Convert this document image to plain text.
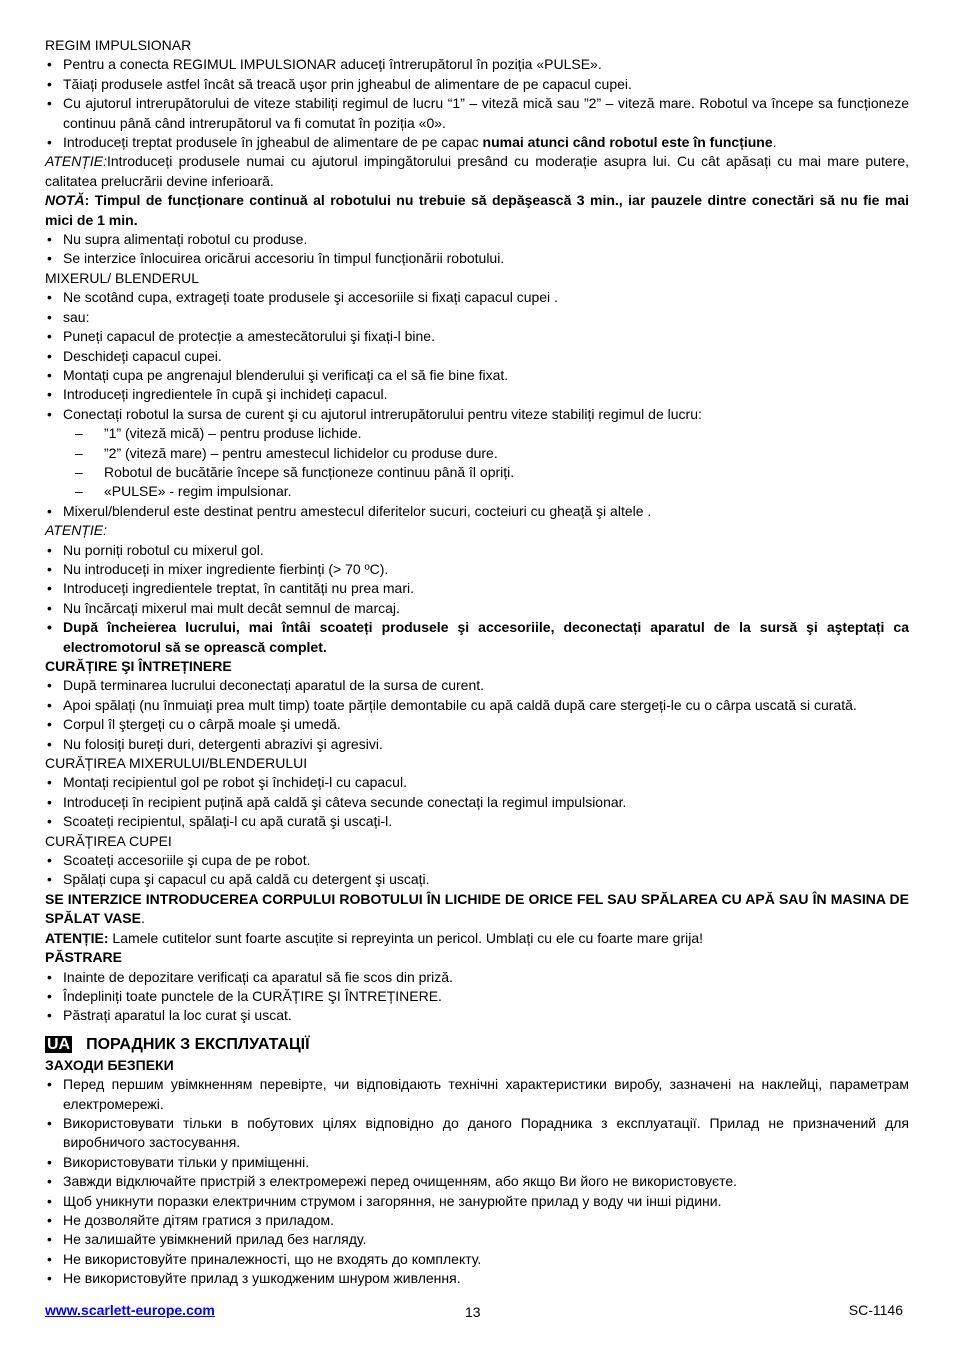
REGIM IMPULSIONAR
• Pentru a conecta REGIMUL IMPULSIONAR aduceți întrerupătorul în poziția «PULSE».
• Tăiați produsele astfel încât să treacă uşor prin jgheabul de alimentare de pe capacul cupei.
• Cu ajutorul intrerupătorului de viteze stabiliți regimul de lucru “1” – viteză mică sau ”2” – viteză mare. Robotul va începe sa funcționeze continuu până când intrerupătorul va fi comutat în poziția «0».
• Introduceți treptat produsele în jgheabul de alimentare de pe capac numai atunci când robotul este în funcțiune.
ATENȚIE:Introduceți produsele numai cu ajutorul impingătorului presând cu moderație asupra lui. Cu cât apăsați cu mai mare putere, calitatea prelucrării devine inferioară.
NOTĂ: Timpul de funcționare continuă al robotului nu trebuie să depăşească 3 min., iar pauzele dintre conectări să nu fie mai mici de 1 min.
• Nu supra alimentați robotul cu produse.
• Se interzice înlocuirea oricărui accesoriu în timpul funcționării robotului.
MIXERUL/ BLENDERUL
• Ne scotând cupa, extrageți toate produsele şi accesoriile si fixați capacul cupei .
• sau:
• Puneți capacul de protecție a amestecătorului şi fixați-l bine.
• Deschideți capacul cupei.
• Montați cupa pe angrenajul blenderului şi verificați ca el să fie bine fixat.
• Introduceți ingredientele în cupă şi inchideți capacul.
• Conectați robotul la sursa de curent şi cu ajutorul intrerupătorului pentru viteze stabiliți regimul de lucru:
– ”1” (viteză mică) – pentru produse lichide.
– ”2” (viteză mare) – pentru amestecul lichidelor cu produse dure.
– Robotul de bucătărie începe să funcționeze continuu până îl opriți.
– «PULSE» - regim impulsionar.
• Mixerul/blenderul este destinat pentru amestecul diferitelor sucuri, cocteiuri cu gheață şi altele .
ATENȚIE:
• Nu porniți robotul cu mixerul gol.
• Nu introduceți in mixer ingrediente fierbinți (> 70 ºC).
• Introduceți ingredientele treptat, în cantități nu prea mari.
• Nu încărcați mixerul mai mult decât semnul de marcaj.
• După încheierea lucrului, mai întâi scoateți produsele şi accesoriile, deconectați aparatul de la sursă şi aşteptați ca electromotorul să se oprească complet.
CURĂȚIRE ŞI ÎNTREȚINERE
• După terminarea lucrului deconectați aparatul de la sursa de curent.
• Apoi spălați (nu înmuiați prea mult timp) toate părțile demontabile cu apă caldă după care stergeți-le cu o cârpa uscată si curată.
• Corpul îl ştergeți cu o cârpă moale şi umedă.
• Nu folosiți bureți duri, detergenti abrazivi şi agresivi.
CURĂȚIREA MIXERULUI/BLENDERULUI
• Montați recipientul gol pe robot şi închideți-l cu capacul.
• Introduceți în recipient puțină apă caldă şi câteva secunde conectați la regimul impulsionar.
• Scoateți recipientul, spălați-l cu apă curată şi uscați-l.
CURĂȚIREA CUPEI
• Scoateți accesoriile şi cupa de pe robot.
• Spălați cupa şi capacul cu apă caldă cu detergent şi uscați.
SE INTERZICE INTRODUCEREA CORPULUI ROBOTULUI ÎN LICHIDE DE ORICE FEL SAU SPĂLAREA CU APĂ SAU ÎN MASINA DE SPĂLAT VASE.
ATENȚIE: Lamele cutitelor sunt foarte ascuțite si repreyinta un pericol. Umblați cu ele cu foarte mare grija!
PĂSTRARE
• Inainte de depozitare verificați ca aparatul să fie scos din priză.
• Îndepliniți toate punctele de la CURĂȚIRE ŞI ÎNTREȚINERE.
• Păstrați aparatul la loc curat şi uscat.
UA ПОРАДНИК З ЕКСПЛУАТАЦІЇ
ЗАХОДИ БЕЗПЕКИ
• Перед першим увімкненням перевірте, чи відповідають технічні характеристики виробу, зазначені на наклейці, параметрам електромережі.
• Використовувати тільки в побутових цілях відповідно до даного Порадника з експлуатації. Прилад не призначений для виробничого застосування.
• Використовувати тільки у приміщенні.
• Завжди відключайте пристрій з електромережі перед очищенням, або якщо Ви його не використовуєте.
• Щоб уникнути поразки електричним струмом і загоряння, не занурюйте прилад у воду чи інші рідини.
• Не дозволяйте дітям гратися з приладом.
• Не залишайте увімкнений прилад без нагляду.
• Не використовуйте приналежності, що не входять до комплекту.
• Не використовуйте прилад з ушкодженим шнуром живлення.
www.scarlett-europe.com	13	SC-1146
